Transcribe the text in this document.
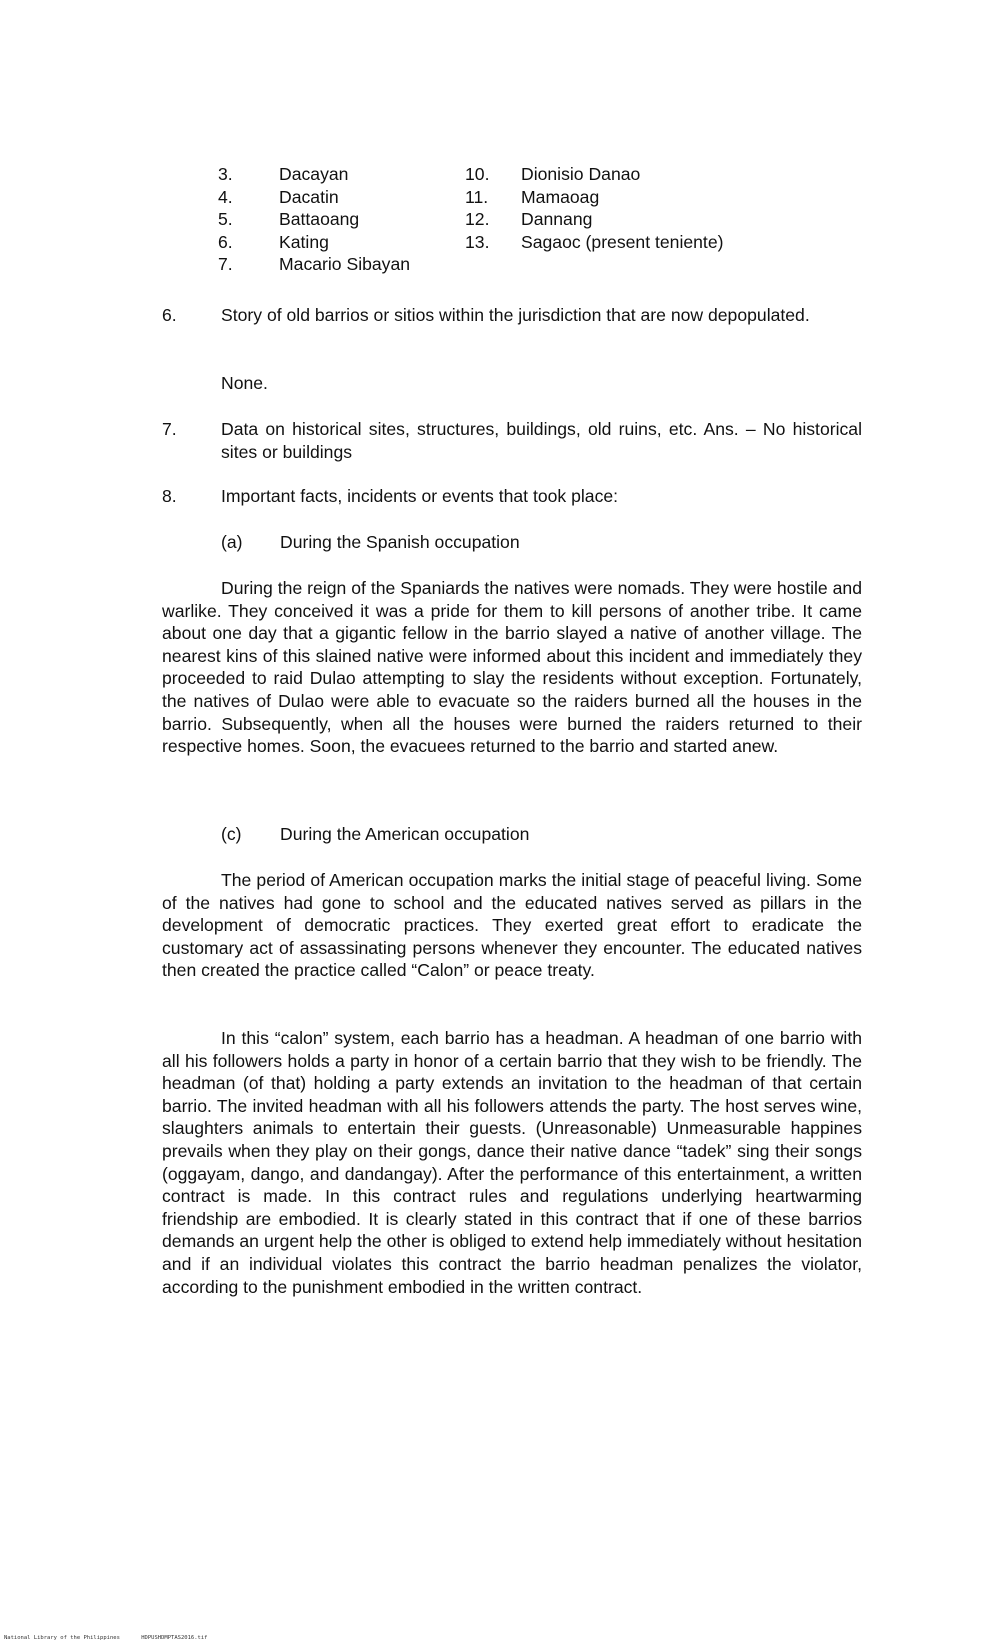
3.	Dacayan	10.	Dionisio Danao
4.	Dacatin	11.	Mamaoag
5.	Battaoang	12.	Dannang
6.	Kating	13.	Sagaoc (present teniente)
7.	Macario Sibayan
6.	Story of old barrios or sitios within the jurisdiction that are now depopulated.
None.
7.	Data on historical sites, structures, buildings, old ruins, etc. Ans. – No historical sites or buildings
8.	Important facts, incidents or events that took place:
(a) During the Spanish occupation

During the reign of the Spaniards the natives were nomads. They were hostile and warlike. They conceived it was a pride for them to kill persons of another tribe. It came about one day that a gigantic fellow in the barrio slayed a native of another village. The nearest kins of this slained native were informed about this incident and immediately they proceeded to raid Dulao attempting to slay the residents without exception. Fortunately, the natives of Dulao were able to evacuate so the raiders burned all the houses in the barrio. Subsequently, when all the houses were burned the raiders returned to their respective homes. Soon, the evacuees returned to the barrio and started anew.

(c) During the American occupation

The period of American occupation marks the initial stage of peaceful living. Some of the natives had gone to school and the educated natives served as pillars in the development of democratic practices. They exerted great effort to eradicate the customary act of assassinating persons whenever they encounter. The educated natives then created the practice called “Calon” or peace treaty.

In this “calon” system, each barrio has a headman. A headman of one barrio with all his followers holds a party in honor of a certain barrio that they wish to be friendly. The headman (of that) holding a party extends an invitation to the headman of that certain barrio. The invited headman with all his followers attends the party. The host serves wine, slaughters animals to entertain their guests. (Unreasonable) Unmeasurable happines prevails when they play on their gongs, dance their native dance “tadek” sing their songs (oggayam, dango, and dandangay). After the performance of this entertainment, a written contract is made. In this contract rules and regulations underlying heartwarming friendship are embodied. It is clearly stated in this contract that if one of these barrios demands an urgent help the other is obliged to extend help immediately without hesitation and if an individual violates this contract the barrio headman penalizes the violator, according to the punishment embodied in the written contract.

National Library of the Philippines	HDPUSHDMPTAS2016.tif
